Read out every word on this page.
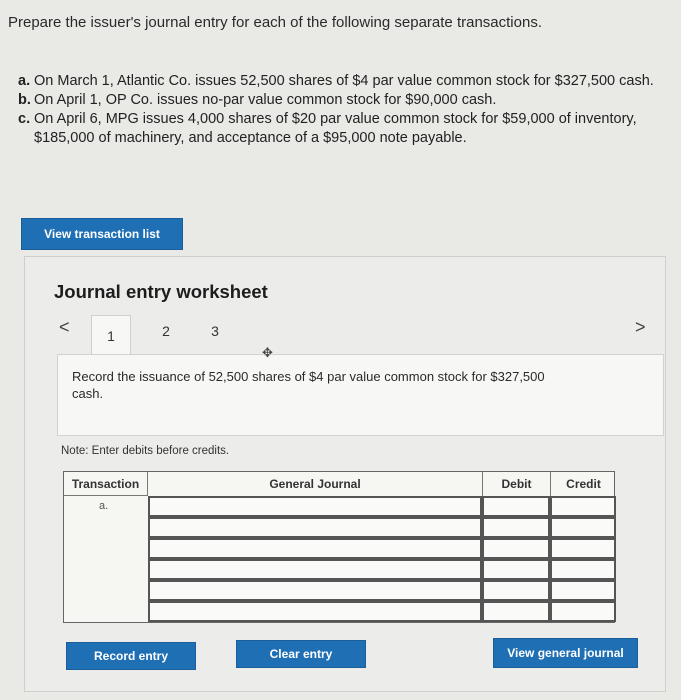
Prepare the issuer's journal entry for each of the following separate transactions.
a. On March 1, Atlantic Co. issues 52,500 shares of $4 par value common stock for $327,500 cash.
b. On April 1, OP Co. issues no-par value common stock for $90,000 cash.
c. On April 6, MPG issues 4,000 shares of $20 par value common stock for $59,000 of inventory, $185,000 of machinery, and acceptance of a $95,000 note payable.
View transaction list
Journal entry worksheet
<	1	2	3	>
Record the issuance of 52,500 shares of $4 par value common stock for $327,500 cash.
Note: Enter debits before credits.
Transaction	General Journal	Debit	Credit
a.
✥
Record entry	Clear entry	View general journal
